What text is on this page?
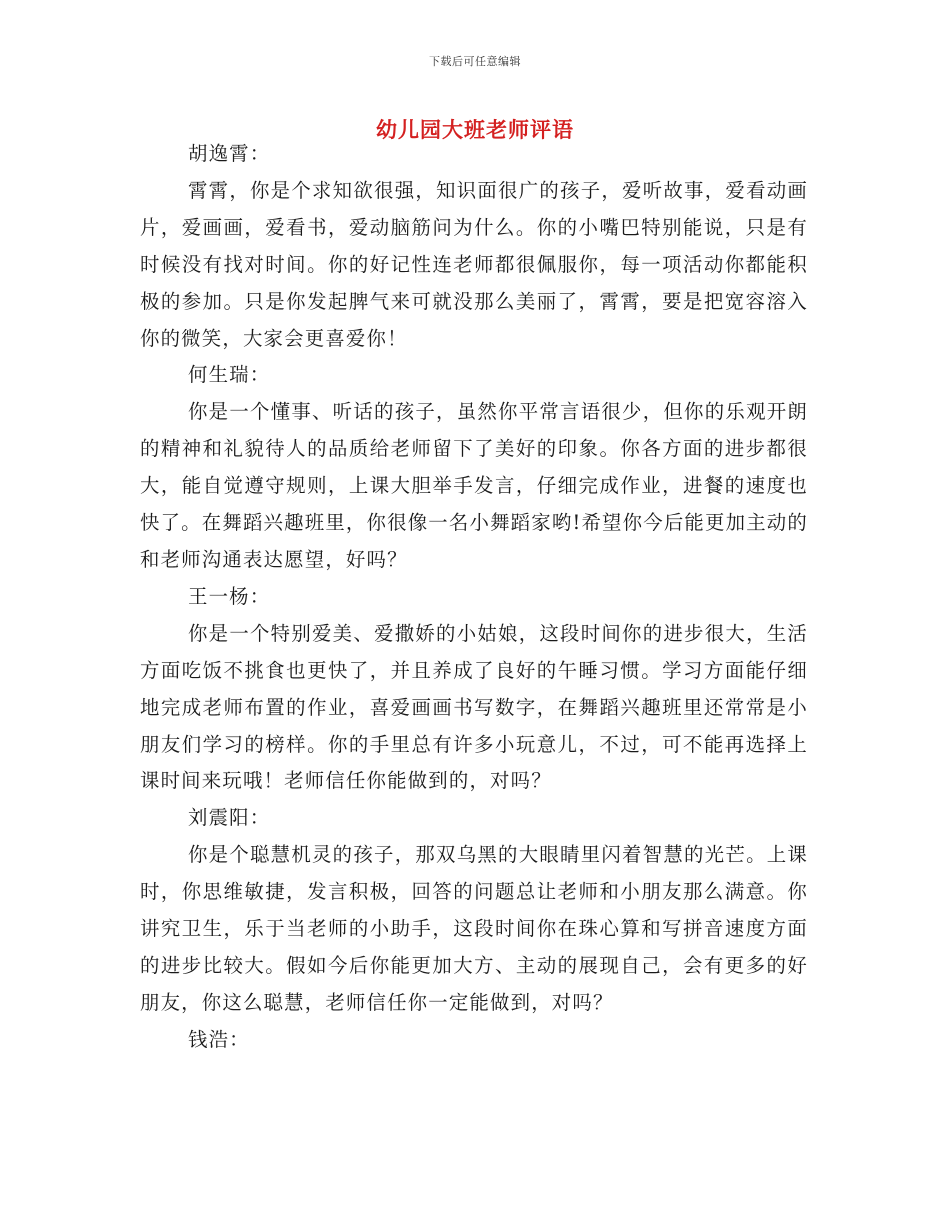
下载后可任意编辑
幼儿园大班老师评语

胡逸霄：

霄霄，你是个求知欲很强，知识面很广的孩子，爱听故事，爱看动画片，爱画画，爱看书，爱动脑筋问为什么。你的小嘴巴特别能说，只是有时候没有找对时间。你的好记性连老师都很佩服你，每一项活动你都能积极的参加。只是你发起脾气来可就没那么美丽了，霄霄，要是把宽容溶入你的微笑，大家会更喜爱你！

何生瑞：

你是一个懂事、听话的孩子，虽然你平常言语很少，但你的乐观开朗的精神和礼貌待人的品质给老师留下了美好的印象。你各方面的进步都很大，能自觉遵守规则，上课大胆举手发言，仔细完成作业，进餐的速度也快了。在舞蹈兴趣班里，你很像一名小舞蹈家哟!希望你今后能更加主动的和老师沟通表达愿望，好吗？

王一杨：

你是一个特别爱美、爱撒娇的小姑娘，这段时间你的进步很大，生活方面吃饭不挑食也更快了，并且养成了良好的午睡习惯。学习方面能仔细地完成老师布置的作业，喜爱画画书写数字，在舞蹈兴趣班里还常常是小朋友们学习的榜样。你的手里总有许多小玩意儿，不过，可不能再选择上课时间来玩哦！老师信任你能做到的，对吗？

刘震阳：

你是个聪慧机灵的孩子，那双乌黑的大眼睛里闪着智慧的光芒。上课时，你思维敏捷，发言积极，回答的问题总让老师和小朋友那么满意。你讲究卫生，乐于当老师的小助手，这段时间你在珠心算和写拼音速度方面的进步比较大。假如今后你能更加大方、主动的展现自己，会有更多的好朋友，你这么聪慧，老师信任你一定能做到，对吗？

钱浩：
